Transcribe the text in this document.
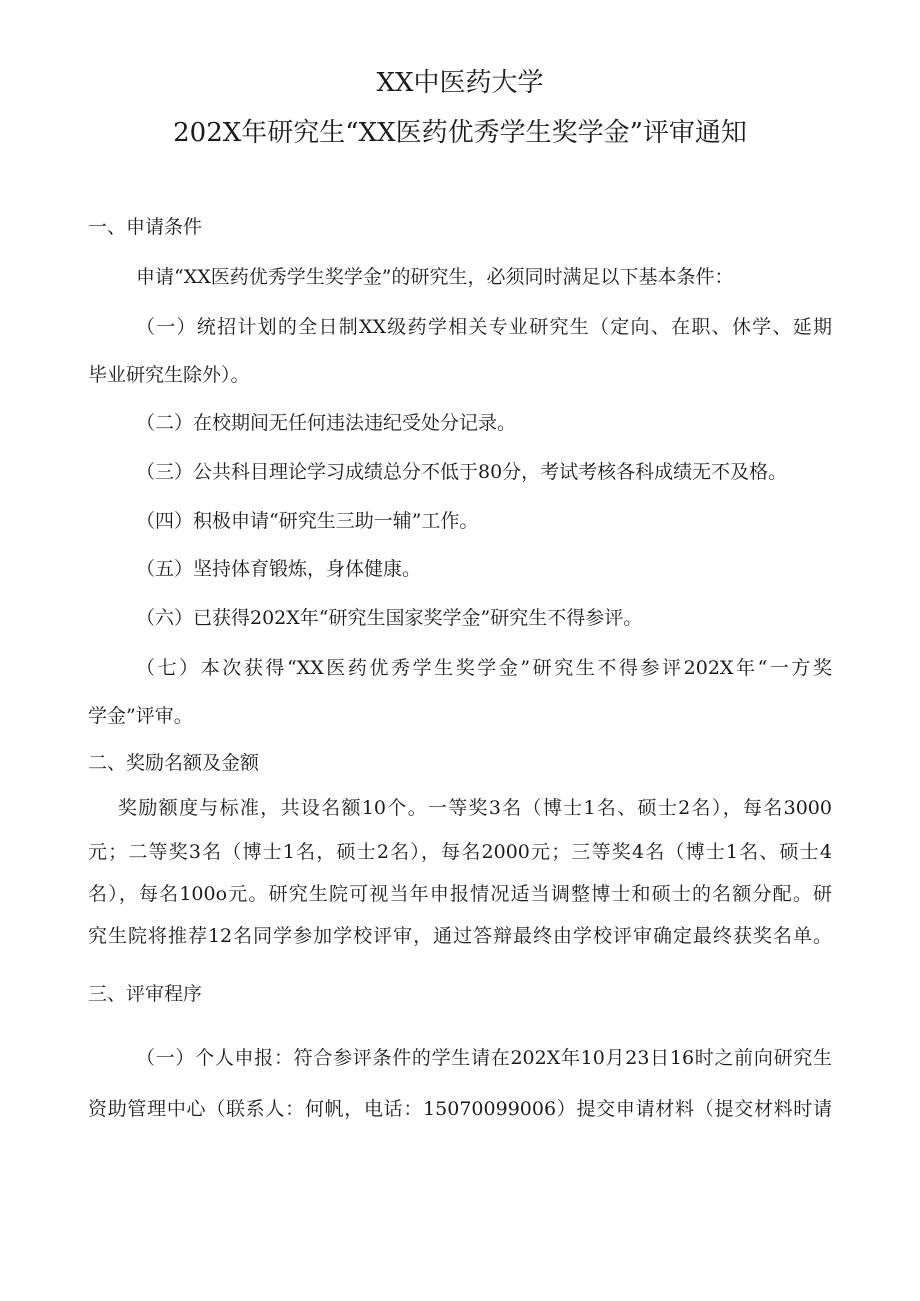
XX中医药大学
202X年研究生“XX医药优秀学生奖学金”评审通知
一、申请条件
申请“XX医药优秀学生奖学金”的研究生，必须同时满足以下基本条件：
（一）统招计划的全日制XX级药学相关专业研究生（定向、在职、休学、延期
毕业研究生除外）。
（二）在校期间无任何违法违纪受处分记录。
（三）公共科目理论学习成绩总分不低于80分，考试考核各科成绩无不及格。
（四）积极申请“研究生三助一辅”工作。
（五）坚持体育锻炼，身体健康。
（六）已获得202X年“研究生国家奖学金”研究生不得参评。
（七）本次获得“XX医药优秀学生奖学金”研究生不得参评202X年“一方奖
学金”评审。
二、奖励名额及金额
奖励额度与标准，共设名额10个。一等奖3名（博士1名、硕士2名），每名3000
元；二等奖3名（博士1名，硕士2名），每名2000元；三等奖4名（博士1名、硕士4
名），每名100o元。研究生院可视当年申报情况适当调整博士和硕士的名额分配。研
究生院将推荐12名同学参加学校评审，通过答辩最终由学校评审确定最终获奖名单。
三、评审程序
（一）个人申报：符合参评条件的学生请在202X年10月23日16时之前向研究生
资助管理中心（联系人：何帆，电话：15070099006）提交申请材料（提交材料时请
